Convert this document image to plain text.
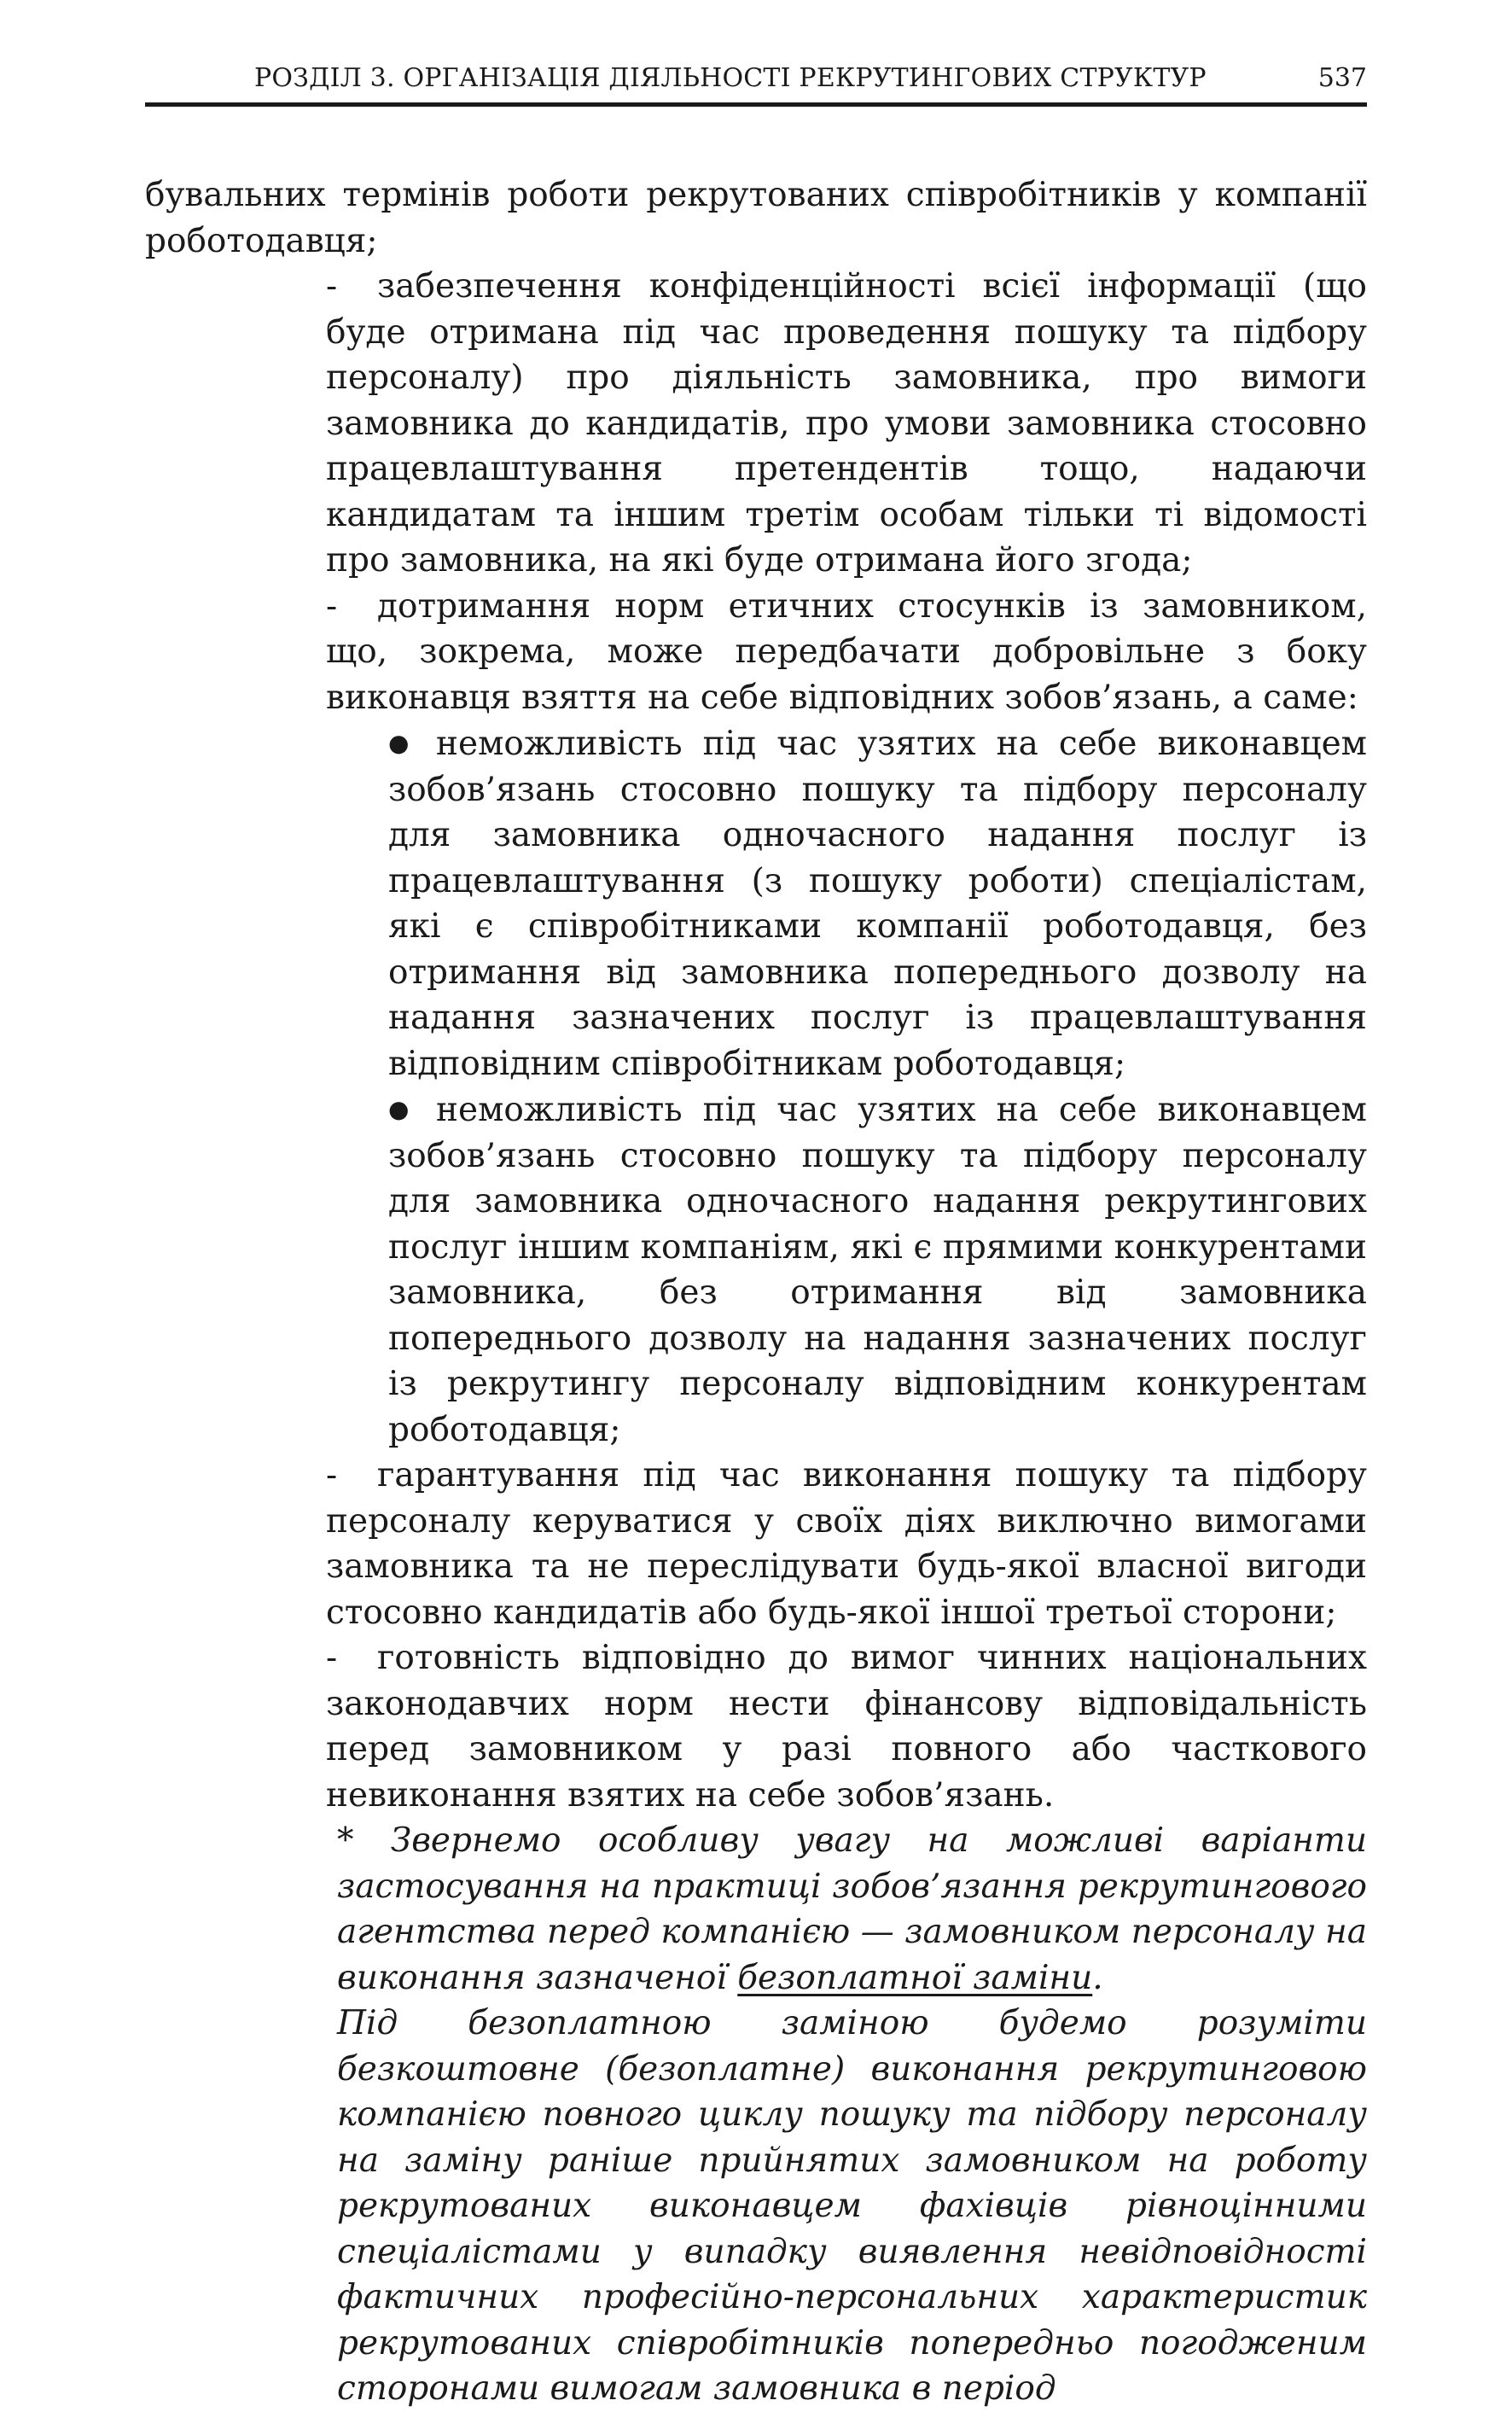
РОЗДІЛ 3. ОРГАНІЗАЦІЯ ДІЯЛЬНОСТІ РЕКРУТИНГОВИХ СТРУКТУР	537

бувальних термінів роботи рекрутованих співробітників у компанії роботодавця;

- забезпечення конфіденційності всієї інформації (що буде отримана під час проведення пошуку та підбору персоналу) про діяльність замовника, про вимоги замовника до кандидатів, про умови замовника стосовно працевлаштування претендентів тощо, надаючи кандидатам та іншим третім особам тільки ті відомості про замовника, на які буде отримана його згода;

- дотримання норм етичних стосунків із замовником, що, зокрема, може передбачати добровільне з боку виконавця взяття на себе відповідних зобов’язань, а саме:

● неможливість під час узятих на себе виконавцем зобов’язань стосовно пошуку та підбору персоналу для замовника одночасного надання послуг із працевлаштування (з пошуку роботи) спеціалістам, які є співробітниками компанії роботодавця, без отримання від замовника попереднього дозволу на надання зазначених послуг із працевлаштування відповідним співробітникам роботодавця;

● неможливість під час узятих на себе виконавцем зобов’язань стосовно пошуку та підбору персоналу для замовника одночасного надання рекрутингових послуг іншим компаніям, які є прямими конкурентами замовника, без отримання від замовника попереднього дозволу на надання зазначених послуг із рекрутингу персоналу відповідним конкурентам роботодавця;

- гарантування під час виконання пошуку та підбору персоналу керуватися у своїх діях виключно вимогами замовника та не переслідувати будь-якої власної вигоди стосовно кандидатів або будь-якої іншої третьої сторони;

- готовність відповідно до вимог чинних національних законодавчих норм нести фінансову відповідальність перед замовником у разі повного або часткового невиконання взятих на себе зобов’язань.

* Звернемо особливу увагу на можливі варіанти застосування на практиці зобов’язання рекрутингового агентства перед компанією — замовником персоналу на виконання зазначеної безоплатної заміни.

Під безоплатною заміною будемо розуміти безкоштовне (безоплатне) виконання рекрутинговою компанією повного циклу пошуку та підбору персоналу на заміну раніше прийнятих замовником на роботу рекрутованих виконавцем фахівців рівноцінними спеціалістами у випадку виявлення невідповідності фактичних професійно-персональних характеристик рекрутованих співробітників попередньо погодженим сторонами вимогам замовника в період
